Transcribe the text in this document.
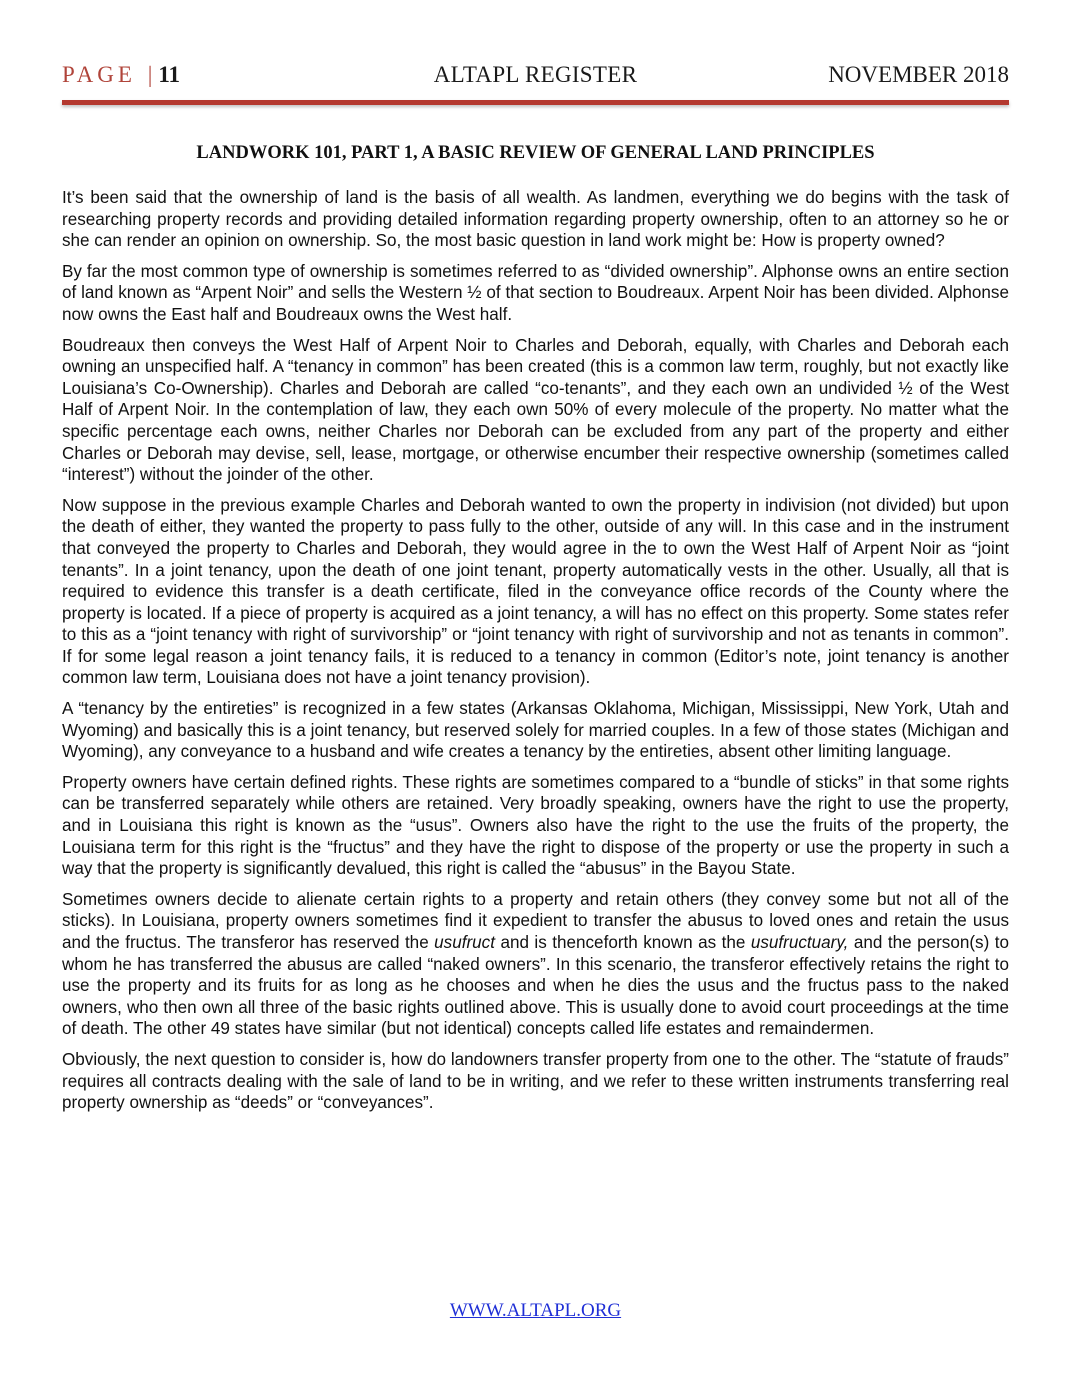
PAGE | 11	ALTAPL REGISTER	NOVEMBER 2018
LANDWORK 101, PART 1, A BASIC REVIEW OF GENERAL LAND PRINCIPLES

It’s been said that the ownership of land is the basis of all wealth. As landmen, everything we do begins with the task of researching property records and providing detailed information regarding property ownership, often to an attorney so he or she can render an opinion on ownership. So, the most basic question in land work might be: How is property owned?

By far the most common type of ownership is sometimes referred to as “divided ownership”. Alphonse owns an entire section of land known as “Arpent Noir” and sells the Western ½ of that section to Boudreaux. Arpent Noir has been divided. Alphonse now owns the East half and Boudreaux owns the West half.

Boudreaux then conveys the West Half of Arpent Noir to Charles and Deborah, equally, with Charles and Deborah each owning an unspecified half. A “tenancy in common” has been created (this is a common law term, roughly, but not exactly like Louisiana’s Co-Ownership). Charles and Deborah are called “co-tenants”, and they each own an undivided ½ of the West Half of Arpent Noir. In the contemplation of law, they each own 50% of every molecule of the property. No matter what the specific percentage each owns, neither Charles nor Deborah can be excluded from any part of the property and either Charles or Deborah may devise, sell, lease, mortgage, or otherwise encumber their respective ownership (sometimes called “interest”) without the joinder of the other.

Now suppose in the previous example Charles and Deborah wanted to own the property in indivision (not divided) but upon the death of either, they wanted the property to pass fully to the other, outside of any will. In this case and in the instrument that conveyed the property to Charles and Deborah, they would agree in the to own the West Half of Arpent Noir as “joint tenants”. In a joint tenancy, upon the death of one joint tenant, property automatically vests in the other. Usually, all that is required to evidence this transfer is a death certificate, filed in the conveyance office records of the County where the property is located. If a piece of property is acquired as a joint tenancy, a will has no effect on this property. Some states refer to this as a “joint tenancy with right of survivorship” or “joint tenancy with right of survivorship and not as tenants in common”. If for some legal reason a joint tenancy fails, it is reduced to a tenancy in common (Editor’s note, joint tenancy is another common law term, Louisiana does not have a joint tenancy provision).

A “tenancy by the entireties” is recognized in a few states (Arkansas Oklahoma, Michigan, Mississippi, New York, Utah and Wyoming) and basically this is a joint tenancy, but reserved solely for married couples. In a few of those states (Michigan and Wyoming), any conveyance to a husband and wife creates a tenancy by the entireties, absent other limiting language.

Property owners have certain defined rights. These rights are sometimes compared to a “bundle of sticks” in that some rights can be transferred separately while others are retained. Very broadly speaking, owners have the right to use the property, and in Louisiana this right is known as the “usus”. Owners also have the right to the use the fruits of the property, the Louisiana term for this right is the “fructus” and they have the right to dispose of the property or use the property in such a way that the property is significantly devalued, this right is called the “abusus” in the Bayou State.

Sometimes owners decide to alienate certain rights to a property and retain others (they convey some but not all of the sticks). In Louisiana, property owners sometimes find it expedient to transfer the abusus to loved ones and retain the usus and the fructus. The transferor has reserved the usufruct and is thenceforth known as the usufructuary, and the person(s) to whom he has transferred the abusus are called “naked owners”. In this scenario, the transferor effectively retains the right to use the property and its fruits for as long as he chooses and when he dies the usus and the fructus pass to the naked owners, who then own all three of the basic rights outlined above. This is usually done to avoid court proceedings at the time of death. The other 49 states have similar (but not identical) concepts called life estates and remaindermen.

Obviously, the next question to consider is, how do landowners transfer property from one to the other. The “statute of frauds” requires all contracts dealing with the sale of land to be in writing, and we refer to these written instruments transferring real property ownership as “deeds” or “conveyances”.

WWW.ALTAPL.ORG
